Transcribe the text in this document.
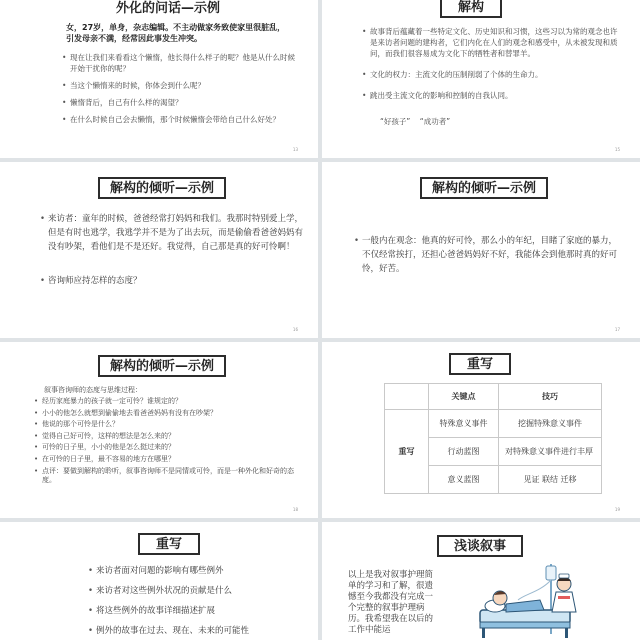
外化的问话—示例
女，27岁，单身，杂志编辑。不主动做家务致使家里很脏乱，引发母亲不满，经常因此事发生冲突。
• 现在让我们来看看这个懒惰，他长得什么样子的呢？他是从什么时候开始干扰你的呢？
• 当这个懒惰来的时候，你体会到什么呢？
• 懒惰背后，自己有什么样的渴望？
• 在什么时候自己会去懒惰，那个时候懒惰会带给自己什么好处？
13
解构
• 故事背后蕴藏着一些特定文化、历史知识和习惯，这些习以为常的观念也许是来访者问题的建构者，它们内化在人们的观念和感受中，从未被发现和质问，而我们很容易成为文化下的牺牲者和替罪羊。
• 文化的权力：主流文化的压制削弱了个体的生命力。
• 跳出受主流文化的影响和控制的自我认同。
“好孩子”    “成功者”
15
解构的倾听—示例
• 来访者：童年的时候，爸爸经常打妈妈和我们。我那时特别爱上学，但是有时也逃学，我逃学并不是为了出去玩，而是偷偷看爸爸妈妈有没有吵架，看他们是不是还好。我觉得，自己那是真的好可怜啊！
• 咨询师应持怎样的态度？
16
解构的倾听—示例
• 一般内在观念：他真的好可怜，那么小的年纪，目睹了家庭的暴力，不仅经常挨打，还担心爸爸妈妈好不好，我能体会到他那时真的好可怜，好苦。
17
解构的倾听—示例
叙事咨询师的态度与思维过程：
• 经历家庭暴力的孩子就一定可怜？谁规定的？
• 小小的他怎么就想到偷偷地去看爸爸妈妈有没有在吵架？
• 他说的那个可怜是什么？
• 觉得自己好可怜，这样的想法是怎么来的？
• 可怜的日子里，小小的他是怎么挺过来的？
• 在可怜的日子里，最不容易的地方在哪里？
• 点评：要做到解构的聆听，叙事咨询师不是同情或可怜，而是一种外化和好奇的态度。
18
重写
	关键点	技巧
重写	特殊意义事件	挖掘特殊意义事件
	行动蓝图	对特殊意义事件进行丰厚
	意义蓝图	见证 联结 迁移
19
重写
• 来访者面对问题的影响有哪些例外
• 来访者对这些例外状况的贡献是什么
• 将这些例外的故事详细描述扩展
• 例外的故事在过去、现在、未来的可能性
浅谈叙事
以上是我对叙事护理简单的学习和了解，很遗憾至今我都没有完成一个完整的叙事护理病历。我希望我在以后的工作中能运
